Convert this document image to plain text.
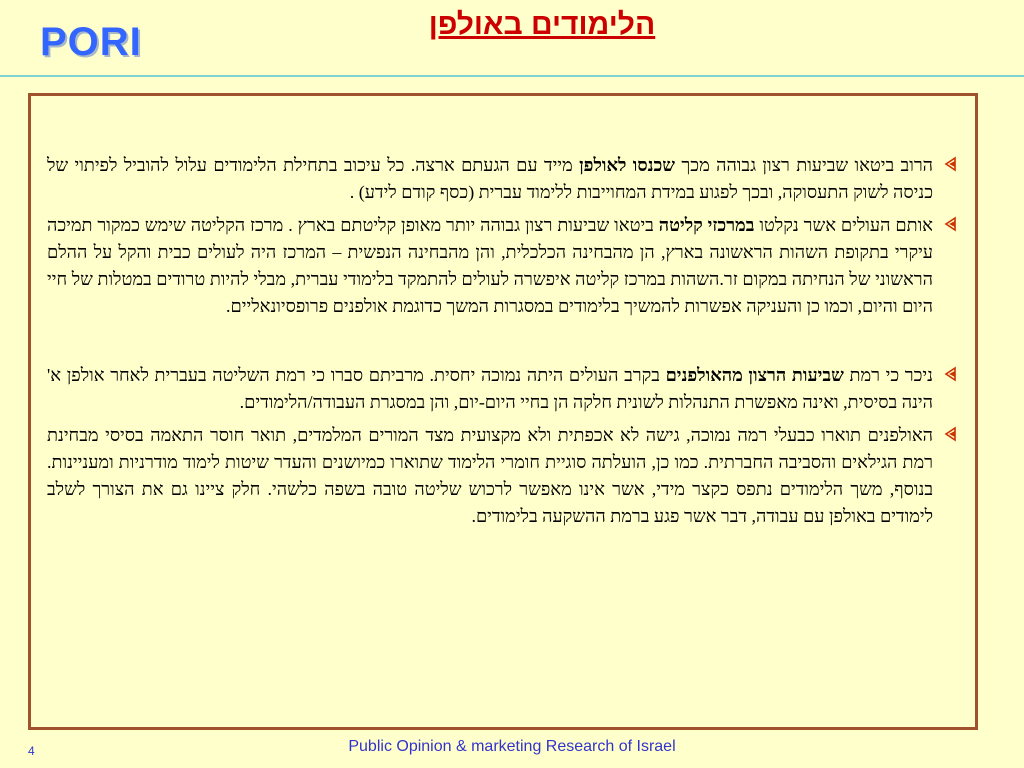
PORI	הלימודים באולפן
הרוב ביטאו שביעות רצון גבוהה מכך שכנסו לאולפן מייד עם הגעתם ארצה. כל עיכוב בתחילת הלימודים עלול להוביל לפיתוי של כניסה לשוק התעסוקה, ובכך לפגוע במידת המחוייבות ללימוד עברית (כסף קודם לידע) .
אותם העולים אשר נקלטו במרכזי קליטה ביטאו שביעות רצון גבוהה יותר מאופן קליטתם בארץ . מרכז הקליטה שימש כמקור תמיכה עיקרי בתקופת השהות הראשונה בארץ, הן מהבחינה הכלכלית, והן מהבחינה הנפשית – המרכז היה לעולים כבית והקל על ההלם הראשוני של הנחיתה במקום זר.השהות במרכז קליטה איפשרה לעולים להתמקד בלימודי עברית, מבלי להיות טרודים במטלות של חיי היום והיום, וכמו כן והעניקה אפשרות להמשיך בלימודים במסגרות המשך כדוגמת אולפנים פרופסיונאליים.
ניכר כי רמת שביעות הרצון מהאולפנים בקרב העולים היתה נמוכה יחסית. מרביתם סברו כי רמת השליטה בעברית לאחר אולפן א' הינה בסיסית, ואינה מאפשרת התנהלות לשונית חלקה הן בחיי היום-יום, והן במסגרת העבודה/הלימודים.
האולפנים תוארו כבעלי רמה נמוכה, גישה לא אכפתית ולא מקצועית מצד המורים המלמדים, תואר חוסר התאמה בסיסי מבחינת רמת הגילאים והסביבה החברתית. כמו כן, הועלתה סוגיית חומרי הלימוד שתוארו כמיושנים והעדר שיטות לימוד מודרניות ומעניינות. בנוסף, משך הלימודים נתפס כקצר מידי, אשר אינו מאפשר לרכוש שליטה טובה בשפה כלשהי. חלק ציינו גם את הצורך לשלב לימודים באולפן עם עבודה, דבר אשר פגע ברמת ההשקעה בלימודים.
4	Public Opinion & marketing Research of Israel
